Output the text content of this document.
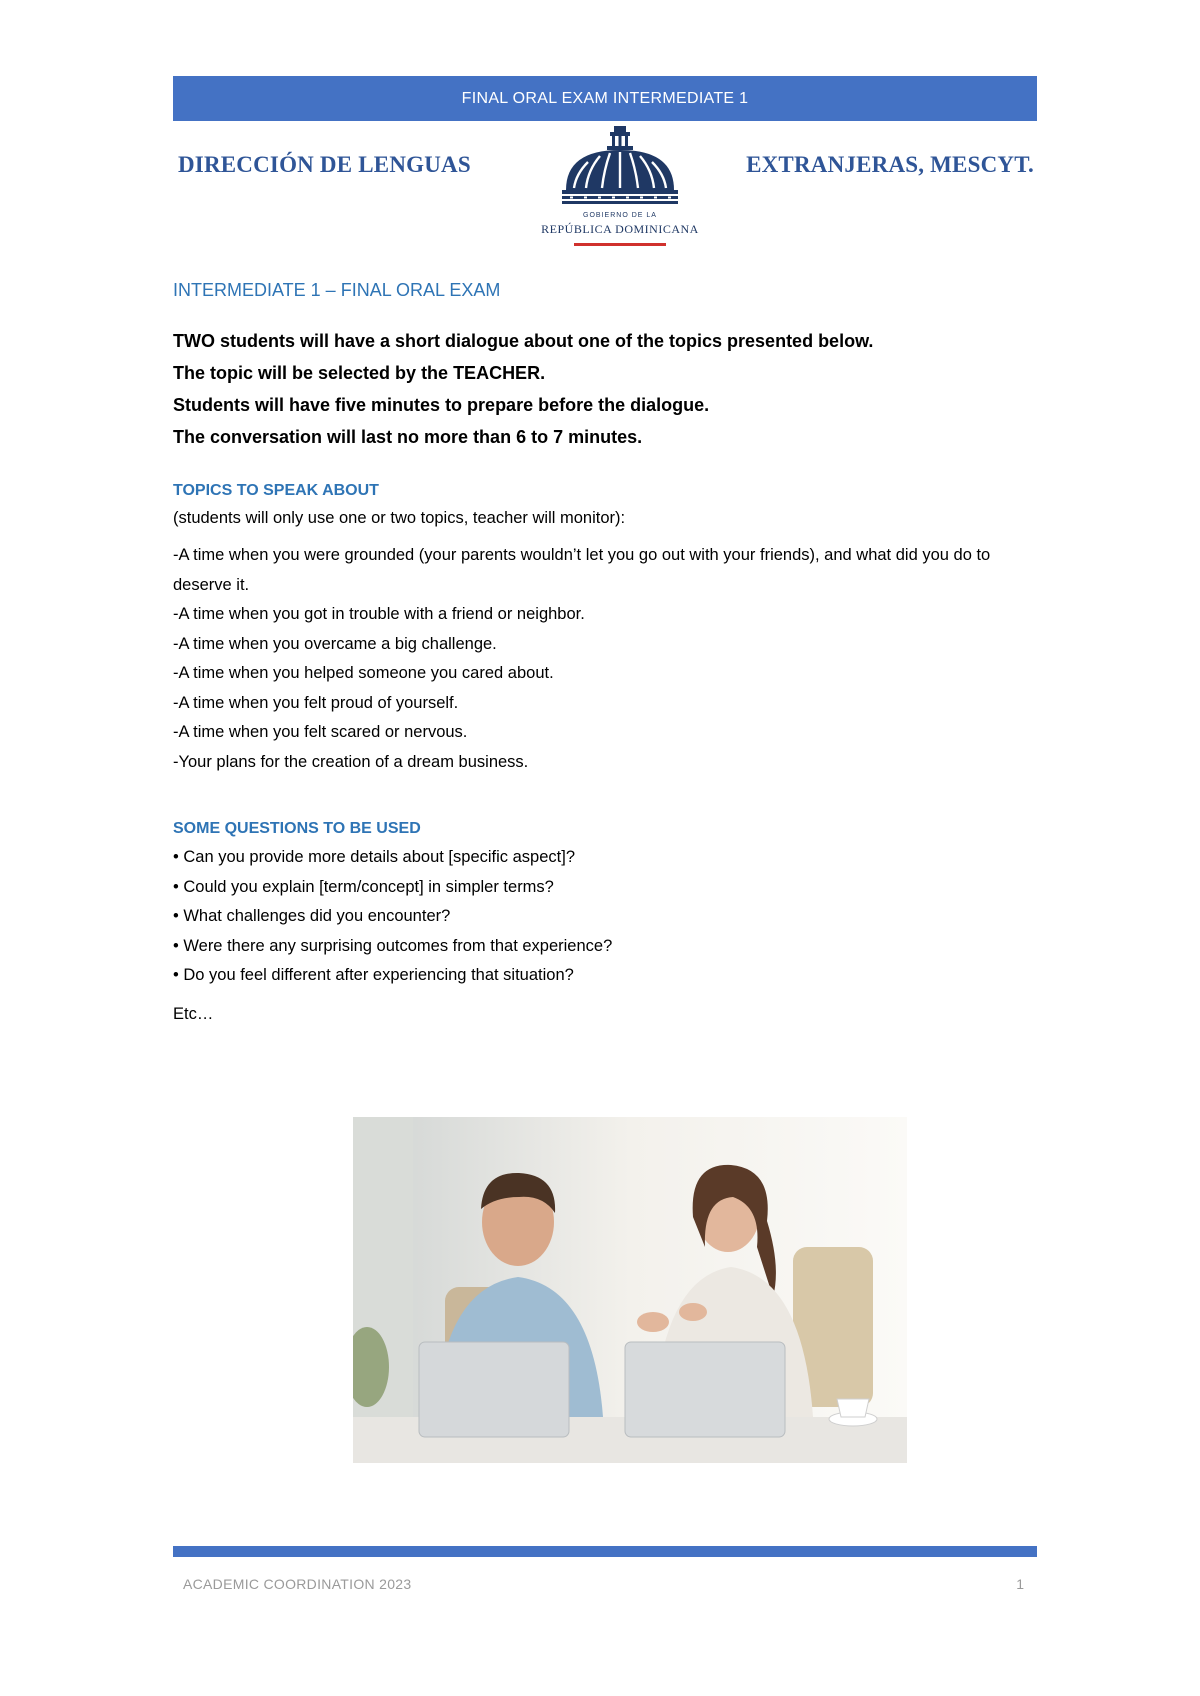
FINAL ORAL EXAM INTERMEDIATE 1
DIRECCIÓN DE LENGUAS	EXTRANJERAS, MESCYT.
GOBIERNO DE LA
REPÚBLICA DOMINICANA
INTERMEDIATE 1 – FINAL ORAL EXAM
TWO students will have a short dialogue about one of the topics presented below.
The topic will be selected by the TEACHER.
Students will have five minutes to prepare before the dialogue.
The conversation will last no more than 6 to 7 minutes.
TOPICS TO SPEAK ABOUT
(students will only use one or two topics, teacher will monitor):
-A time when you were grounded (your parents wouldn’t let you go out with your friends), and what did you do to deserve it.
-A time when you got in trouble with a friend or neighbor.
-A time when you overcame a big challenge.
-A time when you helped someone you cared about.
-A time when you felt proud of yourself.
-A time when you felt scared or nervous.
-Your plans for the creation of a dream business.
SOME QUESTIONS TO BE USED
• Can you provide more details about [specific aspect]?
• Could you explain [term/concept] in simpler terms?
• What challenges did you encounter?
• Were there any surprising outcomes from that experience?
• Do you feel different after experiencing that situation?
Etc…
ACADEMIC COORDINATION 2023	1
